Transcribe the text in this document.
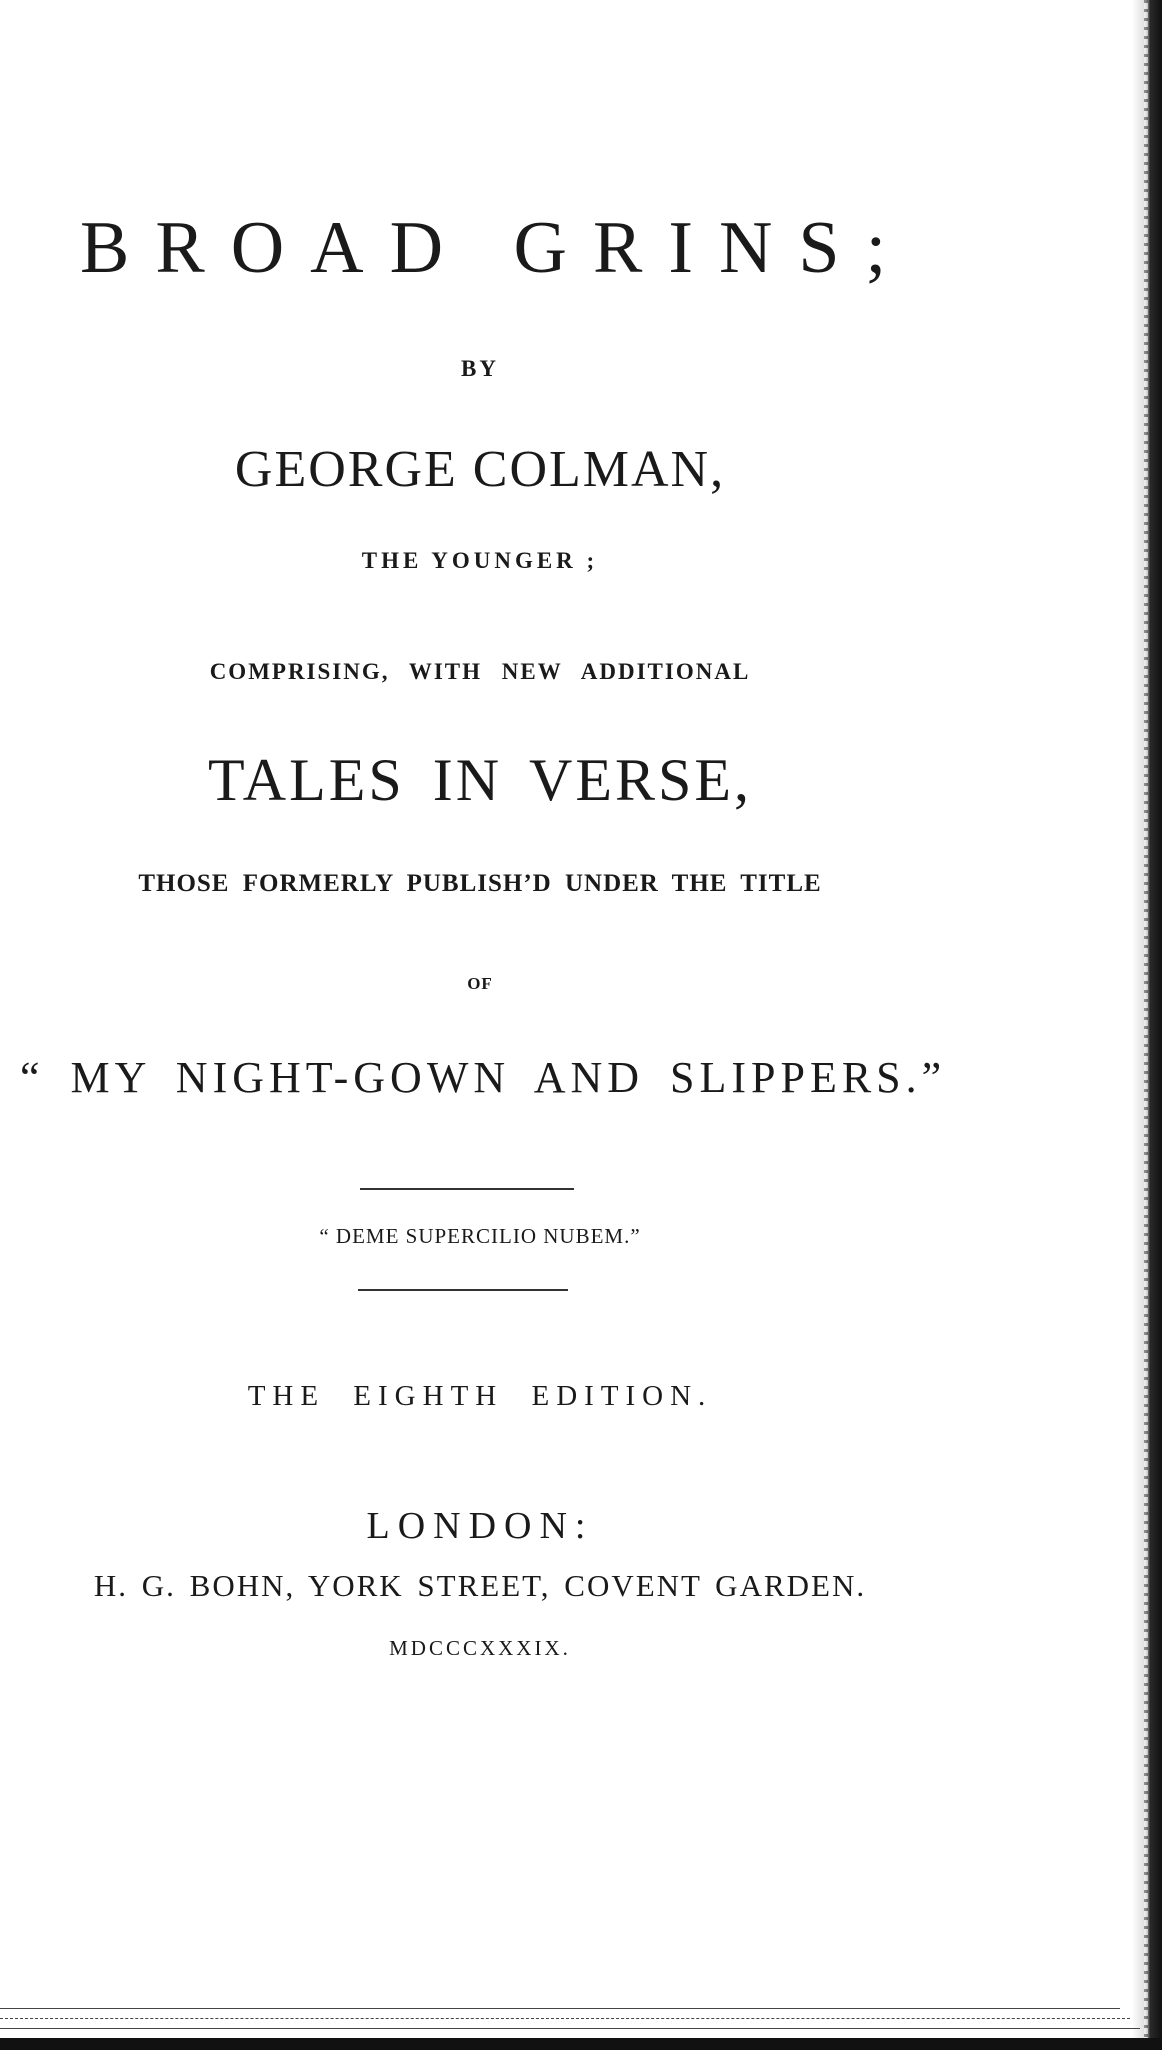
BROAD GRINS;
BY
GEORGE COLMAN,
THE YOUNGER ;
COMPRISING, WITH NEW ADDITIONAL
TALES IN VERSE,
THOSE FORMERLY PUBLISH’D UNDER THE TITLE
OF
“ MY NIGHT-GOWN AND SLIPPERS.”
“ DEME SUPERCILIO NUBEM.”
THE EIGHTH EDITION.
LONDON:
H. G. BOHN, YORK STREET, COVENT GARDEN.
MDCCCXXXIX.
